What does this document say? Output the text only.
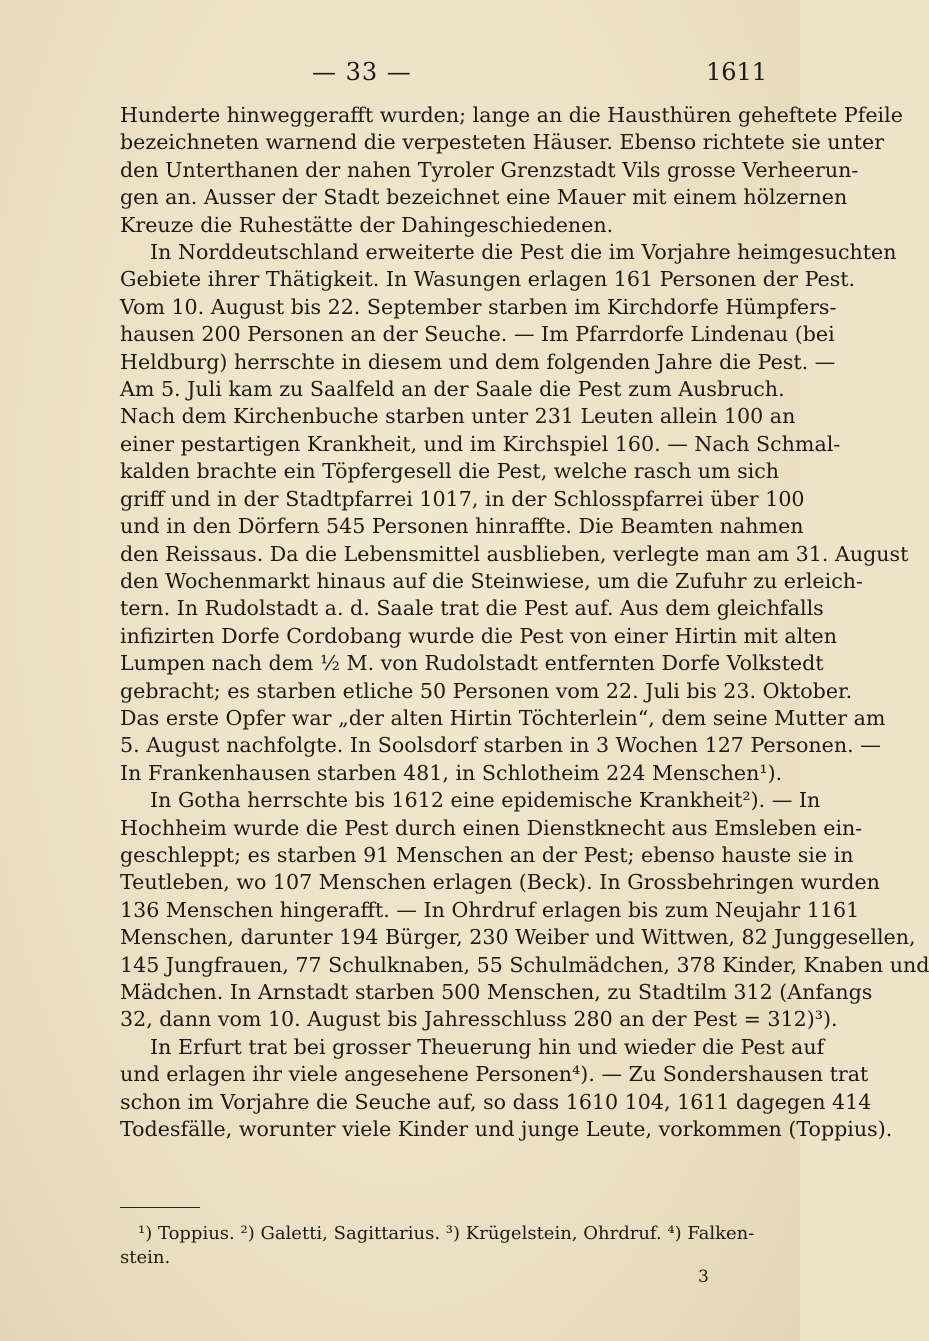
— 33 —	1611

Hunderte hinweggerafft wurden; lange an die Hausthüren geheftete Pfeile

bezeichneten warnend die verpesteten Häuser. Ebenso richtete sie unter

den Unterthanen der nahen Tyroler Grenzstadt Vils grosse Verheerun-

gen an. Ausser der Stadt bezeichnet eine Mauer mit einem hölzernen

Kreuze die Ruhestätte der Dahingeschiedenen.

In Norddeutschland erweiterte die Pest die im Vorjahre heimgesuchten

Gebiete ihrer Thätigkeit. In Wasungen erlagen 161 Personen der Pest.

Vom 10. August bis 22. September starben im Kirchdorfe Hümpfers-

hausen 200 Personen an der Seuche. — Im Pfarrdorfe Lindenau (bei

Heldburg) herrschte in diesem und dem folgenden Jahre die Pest. —

Am 5. Juli kam zu Saalfeld an der Saale die Pest zum Ausbruch.

Nach dem Kirchenbuche starben unter 231 Leuten allein 100 an

einer pestartigen Krankheit, und im Kirchspiel 160. — Nach Schmal-

kalden brachte ein Töpfergesell die Pest, welche rasch um sich

griff und in der Stadtpfarrei 1017, in der Schlosspfarrei über 100

und in den Dörfern 545 Personen hinraffte. Die Beamten nahmen

den Reissaus. Da die Lebensmittel ausblieben, verlegte man am 31. August

den Wochenmarkt hinaus auf die Steinwiese, um die Zufuhr zu erleich-

tern. In Rudolstadt a. d. Saale trat die Pest auf. Aus dem gleichfalls

infizirten Dorfe Cordobang wurde die Pest von einer Hirtin mit alten

Lumpen nach dem ½ M. von Rudolstadt entfernten Dorfe Volkstedt

gebracht; es starben etliche 50 Personen vom 22. Juli bis 23. Oktober.

Das erste Opfer war „der alten Hirtin Töchterlein“, dem seine Mutter am

5. August nachfolgte. In Soolsdorf starben in 3 Wochen 127 Personen. —

In Frankenhausen starben 481, in Schlotheim 224 Menschen¹).

In Gotha herrschte bis 1612 eine epidemische Krankheit²). — In

Hochheim wurde die Pest durch einen Dienstknecht aus Emsleben ein-

geschleppt; es starben 91 Menschen an der Pest; ebenso hauste sie in

Teutleben, wo 107 Menschen erlagen (Beck). In Grossbehringen wurden

136 Menschen hingerafft. — In Ohrdruf erlagen bis zum Neujahr 1161

Menschen, darunter 194 Bürger, 230 Weiber und Wittwen, 82 Junggesellen,

145 Jungfrauen, 77 Schulknaben, 55 Schulmädchen, 378 Kinder, Knaben und

Mädchen. In Arnstadt starben 500 Menschen, zu Stadtilm 312 (Anfangs

32, dann vom 10. August bis Jahresschluss 280 an der Pest = 312)³).

In Erfurt trat bei grosser Theuerung hin und wieder die Pest auf

und erlagen ihr viele angesehene Personen⁴). — Zu Sondershausen trat

schon im Vorjahre die Seuche auf, so dass 1610 104, 1611 dagegen 414

Todesfälle, worunter viele Kinder und junge Leute, vorkommen (Toppius).

¹) Toppius. ²) Galetti, Sagittarius. ³) Krügelstein, Ohrdruf. ⁴) Falken-

stein.

3
